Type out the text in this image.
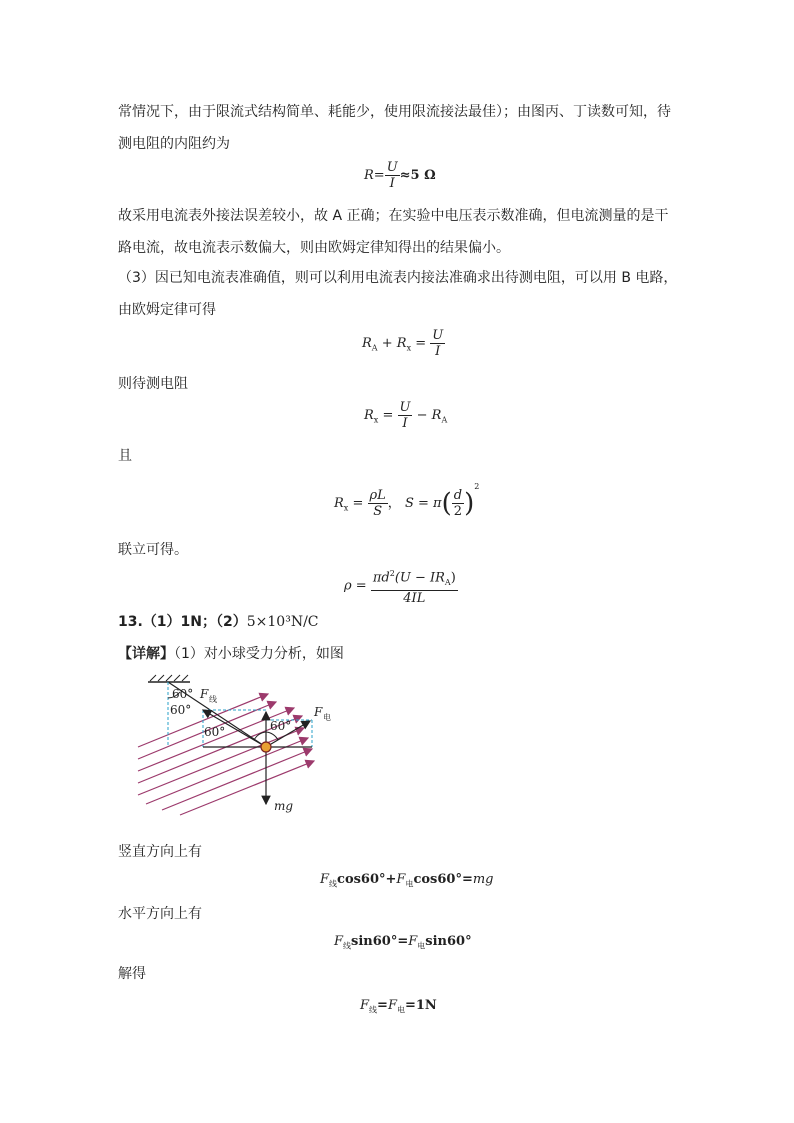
常情况下，由于限流式结构简单、耗能少，使用限流接法最佳）；由图丙、丁读数可知，待
测电阻的内阻约为
$R= \frac{U}{I} \approx 5$ Ω
故采用电流表外接法误差较小，故 A 正确；在实验中电压表示数准确，但电流测量的是干
路电流，故电流表示数偏大，则由欧姆定律知得出的结果偏小。
（3）因已知电流表准确值，则可以利用电流表内接法准确求出待测电阻，可以用 B 电路，
由欧姆定律可得
$R_A + R_x = \frac{U}{I}$
则待测电阻
$R_x = \frac{U}{I} - R_A$
且
$R_x = \frac{\rho L}{S}$ ， $S = \pi( \frac{d}{2} )^2$
联立可得。
$\rho = \frac{\pi d^2(U - IR_A)}{4IL}$
13.（1）1N；（2）5×10³N/C
【详解】（1）对小球受力分析，如图
60°
60°
60°	60°
F 线
F 电
mg
竖直方向上有
$F_线\cos 60^\circ+F_电\cos 60^\circ=mg$
水平方向上有
$F_线\sin 60^\circ=F_电\sin 60^\circ$
解得
$F_线=F_电=1N$
